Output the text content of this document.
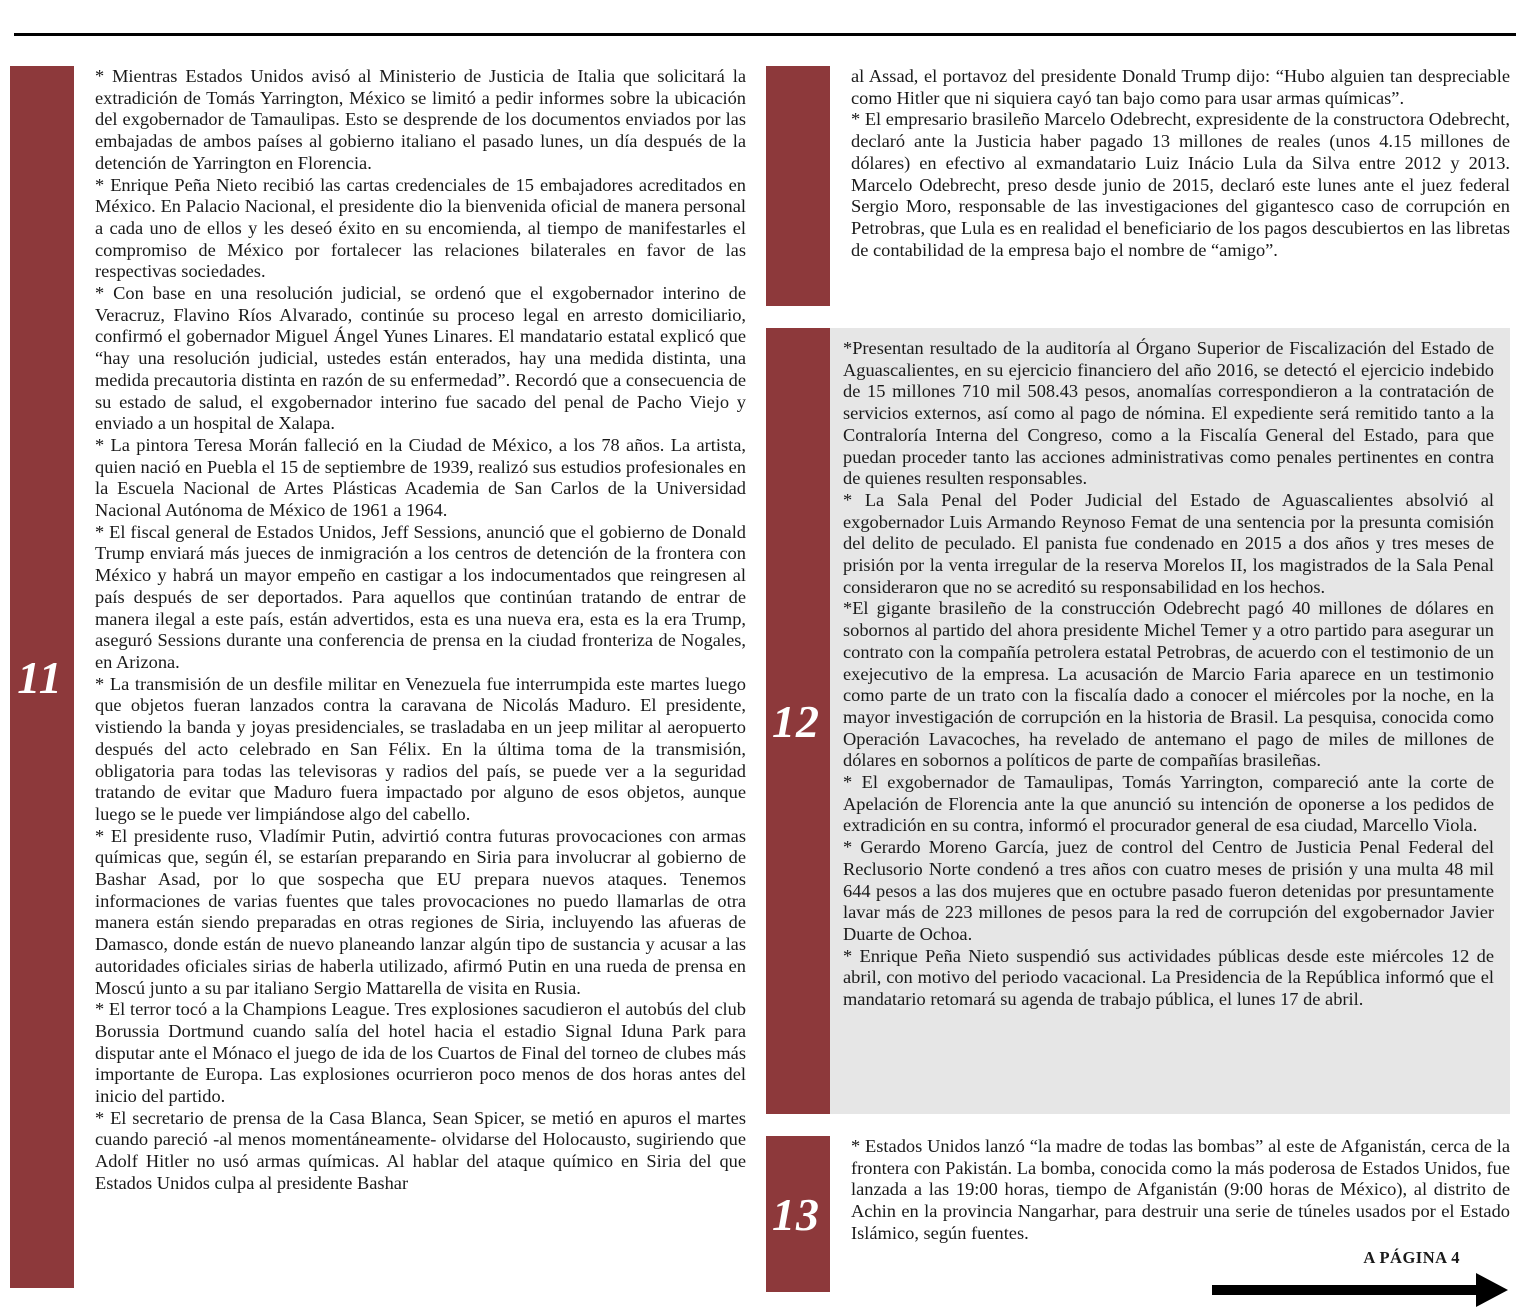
11

* Mientras Estados Unidos avisó al Ministerio de Justicia de Italia que solicitará la extradición de Tomás Yarrington, México se limitó a pedir informes sobre la ubicación del exgobernador de Tamaulipas. Esto se desprende de los documentos enviados por las embajadas de ambos países al gobierno italiano el pasado lunes, un día después de la detención de Yarrington en Florencia.

* Enrique Peña Nieto recibió las cartas credenciales de 15 embajadores acreditados en México. En Palacio Nacional, el presidente dio la bienvenida oficial de manera personal a cada uno de ellos y les deseó éxito en su encomienda, al tiempo de manifestarles el compromiso de México por fortalecer las relaciones bilaterales en favor de las respectivas sociedades.

* Con base en una resolución judicial, se ordenó que el exgobernador interino de Veracruz, Flavino Ríos Alvarado, continúe su proceso legal en arresto domiciliario, confirmó el gobernador Miguel Ángel Yunes Linares. El mandatario estatal explicó que “hay una resolución judicial, ustedes están enterados, hay una medida distinta, una medida precautoria distinta en razón de su enfermedad”. Recordó que a consecuencia de su estado de salud, el exgobernador interino fue sacado del penal de Pacho Viejo y enviado a un hospital de Xalapa.

* La pintora Teresa Morán falleció en la Ciudad de México, a los 78 años. La artista, quien nació en Puebla el 15 de septiembre de 1939, realizó sus estudios profesionales en la Escuela Nacional de Artes Plásticas Academia de San Carlos de la Universidad Nacional Autónoma de México de 1961 a 1964.

* El fiscal general de Estados Unidos, Jeff Sessions, anunció que el gobierno de Donald Trump enviará más jueces de inmigración a los centros de detención de la frontera con México y habrá un mayor empeño en castigar a los indocumentados que reingresen al país después de ser deportados. Para aquellos que continúan tratando de entrar de manera ilegal a este país, están advertidos, esta es una nueva era, esta es la era Trump, aseguró Sessions durante una conferencia de prensa en la ciudad fronteriza de Nogales, en Arizona.

* La transmisión de un desfile militar en Venezuela fue interrumpida este martes luego que objetos fueran lanzados contra la caravana de Nicolás Maduro. El presidente, vistiendo la banda y joyas presidenciales, se trasladaba en un jeep militar al aeropuerto después del acto celebrado en San Félix. En la última toma de la transmisión, obligatoria para todas las televisoras y radios del país, se puede ver a la seguridad tratando de evitar que Maduro fuera impactado por alguno de esos objetos, aunque luego se le puede ver limpiándose algo del cabello.

* El presidente ruso, Vladímir Putin, advirtió contra futuras provocaciones con armas químicas que, según él, se estarían preparando en Siria para involucrar al gobierno de Bashar Asad, por lo que sospecha que EU prepara nuevos ataques. Tenemos informaciones de varias fuentes que tales provocaciones no puedo llamarlas de otra manera están siendo preparadas en otras regiones de Siria, incluyendo las afueras de Damasco, donde están de nuevo planeando lanzar algún tipo de sustancia y acusar a las autoridades oficiales sirias de haberla utilizado, afirmó Putin en una rueda de prensa en Moscú junto a su par italiano Sergio Mattarella de visita en Rusia.

* El terror tocó a la Champions League. Tres explosiones sacudieron el autobús del club Borussia Dortmund cuando salía del hotel hacia el estadio Signal Iduna Park para disputar ante el Mónaco el juego de ida de los Cuartos de Final del torneo de clubes más importante de Europa. Las explosiones ocurrieron poco menos de dos horas antes del inicio del partido.

* El secretario de prensa de la Casa Blanca, Sean Spicer, se metió en apuros el martes cuando pareció -al menos momentáneamente- olvidarse del Holocausto, sugiriendo que Adolf Hitler no usó armas químicas. Al hablar del ataque químico en Siria del que Estados Unidos culpa al presidente Bashar

al Assad, el portavoz del presidente Donald Trump dijo: “Hubo alguien tan despreciable como Hitler que ni siquiera cayó tan bajo como para usar armas químicas”.

* El empresario brasileño Marcelo Odebrecht, expresidente de la constructora Odebrecht, declaró ante la Justicia haber pagado 13 millones de reales (unos 4.15 millones de dólares) en efectivo al exmandatario Luiz Inácio Lula da Silva entre 2012 y 2013. Marcelo Odebrecht, preso desde junio de 2015, declaró este lunes ante el juez federal Sergio Moro, responsable de las investigaciones del gigantesco caso de corrupción en Petrobras, que Lula es en realidad el beneficiario de los pagos descubiertos en las libretas de contabilidad de la empresa bajo el nombre de “amigo”.

12

*Presentan resultado de la auditoría al Órgano Superior de Fiscalización del Estado de Aguascalientes, en su ejercicio financiero del año 2016, se detectó el ejercicio indebido de 15 millones 710 mil 508.43 pesos, anomalías correspondieron a la contratación de servicios externos, así como al pago de nómina. El expediente será remitido tanto a la Contraloría Interna del Congreso, como a la Fiscalía General del Estado, para que puedan proceder tanto las acciones administrativas como penales pertinentes en contra de quienes resulten responsables.

* La Sala Penal del Poder Judicial del Estado de Aguascalientes absolvió al exgobernador Luis Armando Reynoso Femat de una sentencia por la presunta comisión del delito de peculado. El panista fue condenado en 2015 a dos años y tres meses de prisión por la venta irregular de la reserva Morelos II, los magistrados de la Sala Penal consideraron que no se acreditó su responsabilidad en los hechos.

*El gigante brasileño de la construcción Odebrecht pagó 40 millones de dólares en sobornos al partido del ahora presidente Michel Temer y a otro partido para asegurar un contrato con la compañía petrolera estatal Petrobras, de acuerdo con el testimonio de un exejecutivo de la empresa. La acusación de Marcio Faria aparece en un testimonio como parte de un trato con la fiscalía dado a conocer el miércoles por la noche, en la mayor investigación de corrupción en la historia de Brasil. La pesquisa, conocida como Operación Lavacoches, ha revelado de antemano el pago de miles de millones de dólares en sobornos a políticos de parte de compañías brasileñas.

* El exgobernador de Tamaulipas, Tomás Yarrington, compareció ante la corte de Apelación de Florencia ante la que anunció su intención de oponerse a los pedidos de extradición en su contra, informó el procurador general de esa ciudad, Marcello Viola.

* Gerardo Moreno García, juez de control del Centro de Justicia Penal Federal del Reclusorio Norte condenó a tres años con cuatro meses de prisión y una multa 48 mil 644 pesos a las dos mujeres que en octubre pasado fueron detenidas por presuntamente lavar más de 223 millones de pesos para la red de corrupción del exgobernador Javier Duarte de Ochoa.

* Enrique Peña Nieto suspendió sus actividades públicas desde este miércoles 12 de abril, con motivo del periodo vacacional. La Presidencia de la República informó que el mandatario retomará su agenda de trabajo pública, el lunes 17 de abril.

13

* Estados Unidos lanzó “la madre de todas las bombas” al este de Afganistán, cerca de la frontera con Pakistán. La bomba, conocida como la más poderosa de Estados Unidos, fue lanzada a las 19:00 horas, tiempo de Afganistán (9:00 horas de México), al distrito de Achin en la provincia Nangarhar, para destruir una serie de túneles usados por el Estado Islámico, según fuentes.

A PÁGINA 4
